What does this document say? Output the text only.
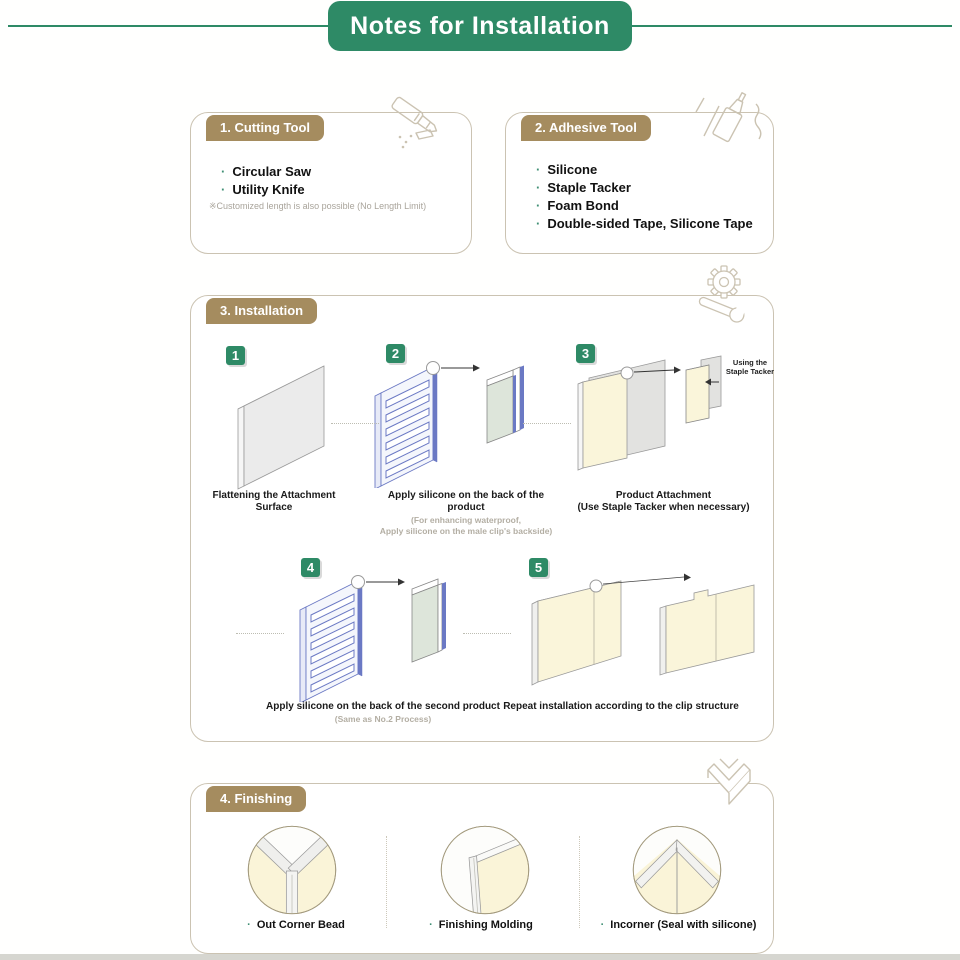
Notes for Installation
1. Cutting Tool
· Circular Saw
· Utility Knife
※Customized length is also possible (No Length Limit)
2. Adhesive Tool
· Silicone
· Staple Tacker
· Foam Bond
· Double-sided Tape, Silicone Tape
3. Installation
1	2	3
Using the
Staple Tacker
Flattening the Attachment Surface
Apply silicone on the back of the product
(For enhancing waterproof,
Apply silicone on the male clip's backside)
Product Attachment
(Use Staple Tacker when necessary)
4	5
Apply silicone on the back of the second product
(Same as No.2 Process)
Repeat installation according to the clip structure
4. Finishing
· Out Corner Bead	· Finishing Molding	· Incorner (Seal with silicone)
